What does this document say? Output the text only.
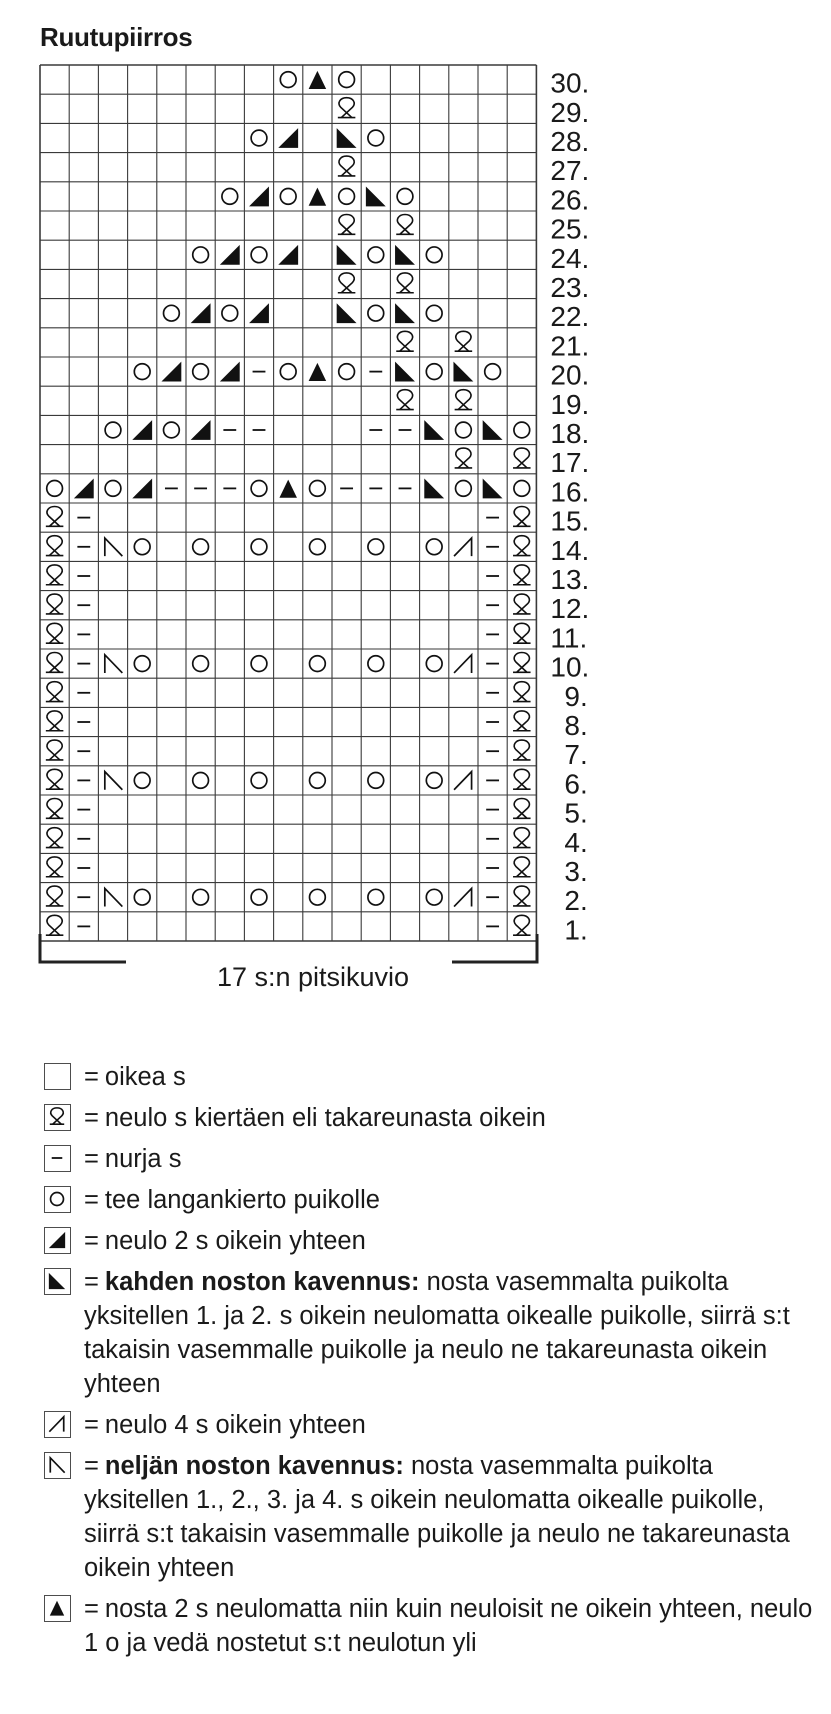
Ruutupiirros
30.
29.
28.
27.
26.
25.
24.
23.
22.
21.
20.
19.
18.
17.
16.
15.
14.
13.
12.
11.
10.
9.
8.
7.
6.
5.
4.
3.
2.
1.
17 s:n pitsikuvio
= oikea s
= neulo s kiertäen eli takareunasta oikein
= nurja s
= tee langankierto puikolle
= neulo 2 s oikein yhteen
= kahden noston kavennus: nosta vasemmalta puikolta yksitellen 1. ja 2. s oikein neulomatta oikealle puikolle, siirrä s:t takaisin vasemmalle puikolle ja neulo ne takareunasta oikein yhteen
= neulo 4 s oikein yhteen
= neljän noston kavennus: nosta vasemmalta puikolta yksitellen 1., 2., 3. ja 4. s oikein neulomatta oikealle puikolle, siirrä s:t takaisin vasemmalle puikolle ja neulo ne takareunasta oikein yhteen
= nosta 2 s neulomatta niin kuin neuloisit ne oikein yhteen, neulo 1 o ja vedä nostetut s:t neulotun yli
